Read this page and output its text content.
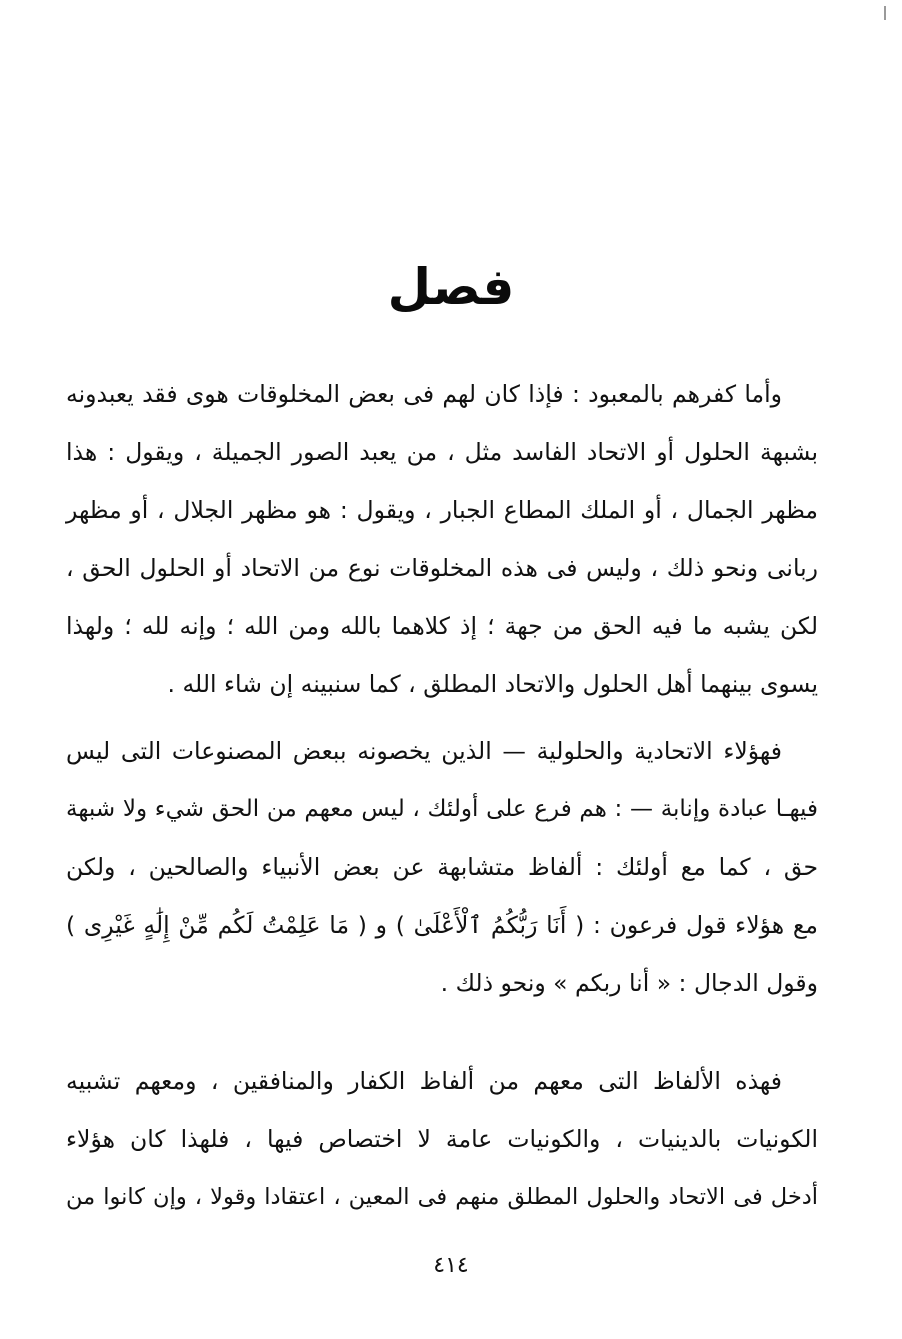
فصل
وأما كفرهم بالمعبود : فإذا كان لهم فى بعض المخلوقات هوى فقد يعبدونه
بشبهة الحلول أو الاتحاد الفاسد مثل ، من يعبد الصور الجميلة ، ويقول : هذا
مظهر الجمال ، أو الملك المطاع الجبار ، ويقول : هو مظهر الجلال ، أو مظهر
ربانى ونحو ذلك ، وليس فى هذه المخلوقات نوع من الاتحاد أو الحلول الحق ،
لكن يشبه ما فيه الحق من جهة ؛ إذ كلاهما بالله ومن الله ؛ وإنه لله ؛ ولهذا
يسوى بينهما أهل الحلول والاتحاد المطلق ، كما سنبينه إن شاء الله .
فهؤلاء الاتحادية والحلولية — الذين يخصونه ببعض المصنوعات التى ليس
فيهـا عبادة وإنابة — : هم فرع على أولئك ، ليس معهم من الحق شيء ولا شبهة
حق ، كما مع أولئك : ألفاظ متشابهة عن بعض الأنبياء والصالحين ، ولكن
مع هؤلاء قول فرعون : ( أَنَا رَبُّكُمُ ٱلْأَعْلَىٰ ) و ( مَا عَلِمْتُ لَكُم مِّنْ إِلَٰهٍ غَيْرِى )
وقول الدجال : « أنا ربكم » ونحو ذلك .
فهذه الألفاظ التى معهم من ألفاظ الكفار والمنافقين ، ومعهم تشبيه
الكونيات بالدينيات ، والكونيات عامة لا اختصاص فيها ، فلهذا كان هؤلاء
أدخل فى الاتحاد والحلول المطلق منهم فى المعين ، اعتقادا وقولا ، وإن كانوا من
٤١٤
